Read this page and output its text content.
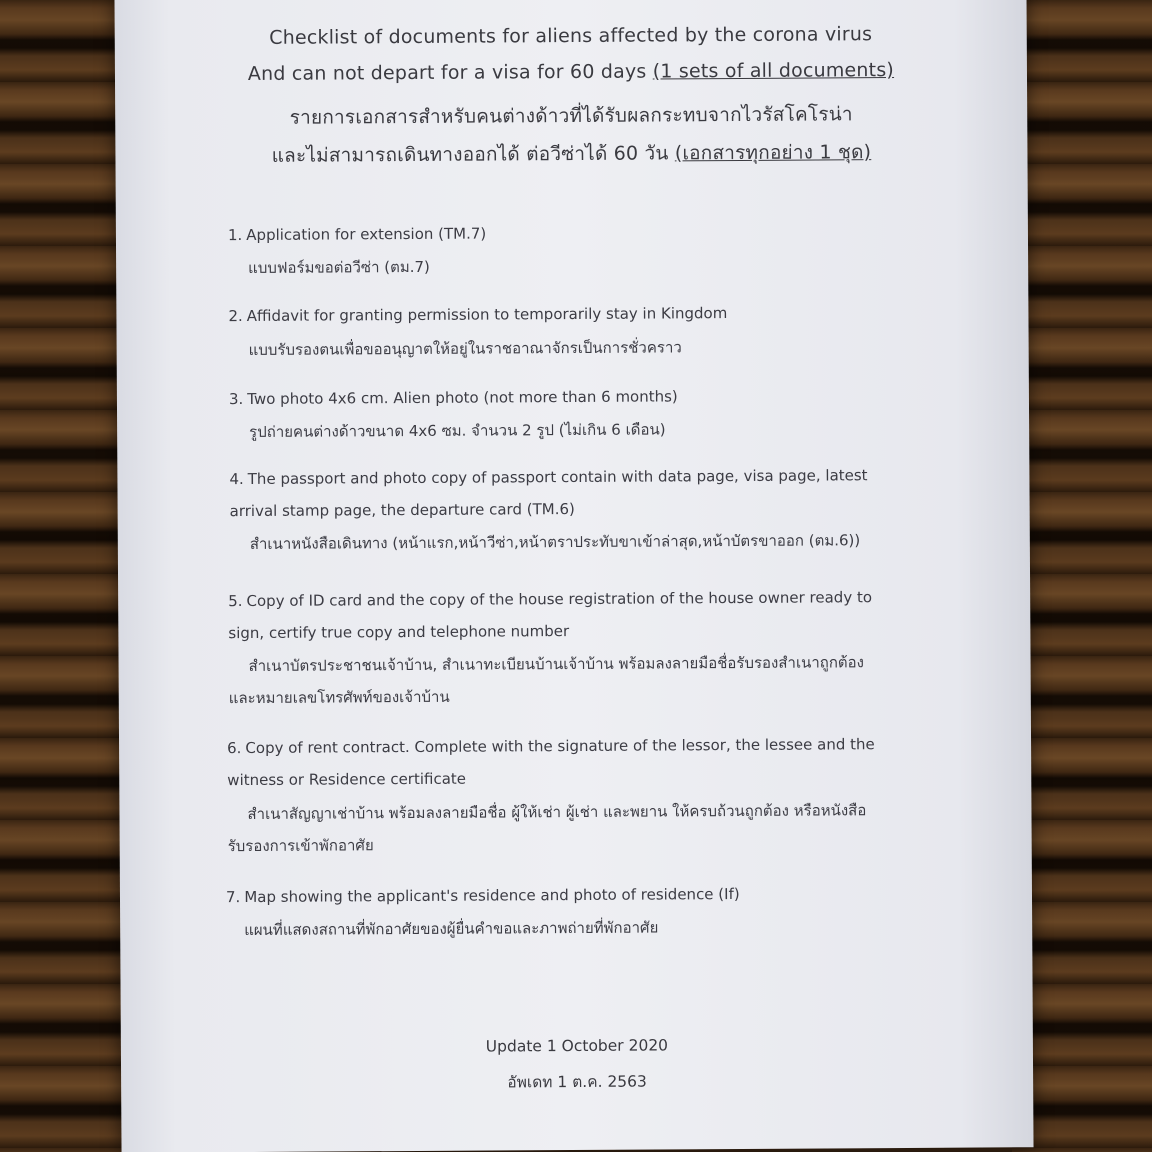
Checklist of documents for aliens affected by the corona virus
And can not depart for a visa for 60 days (1 sets of all documents)
รายการเอกสารสำหรับคนต่างด้าวที่ได้รับผลกระทบจากไวรัสโคโรน่า
และไม่สามารถเดินทางออกได้ ต่อวีซ่าได้ 60 วัน (เอกสารทุกอย่าง 1 ชุด)
1. Application for extension (TM.7)
แบบฟอร์มขอต่อวีซ่า (ตม.7)
2. Affidavit for granting permission to temporarily stay in Kingdom
แบบรับรองตนเพื่อขออนุญาตให้อยู่ในราชอาณาจักรเป็นการชั่วคราว
3. Two photo 4x6 cm. Alien photo (not more than 6 months)
รูปถ่ายคนต่างด้าวขนาด 4x6 ซม. จำนวน 2 รูป (ไม่เกิน 6 เดือน)
4. The passport and photo copy of passport contain with data page, visa page, latest
arrival stamp page, the departure card (TM.6)
สำเนาหนังสือเดินทาง (หน้าแรก,หน้าวีซ่า,หน้าตราประทับขาเข้าล่าสุด,หน้าบัตรขาออก (ตม.6))
5. Copy of ID card and the copy of the house registration of the house owner ready to
sign, certify true copy and telephone number
สำเนาบัตรประชาชนเจ้าบ้าน, สำเนาทะเบียนบ้านเจ้าบ้าน พร้อมลงลายมือชื่อรับรองสำเนาถูกต้อง
และหมายเลขโทรศัพท์ของเจ้าบ้าน
6. Copy of rent contract. Complete with the signature of the lessor, the lessee and the
witness or Residence certificate
สำเนาสัญญาเช่าบ้าน พร้อมลงลายมือชื่อ ผู้ให้เช่า ผู้เช่า และพยาน ให้ครบถ้วนถูกต้อง หรือหนังสือ
รับรองการเข้าพักอาศัย
7. Map showing the applicant's residence and photo of residence (If)
แผนที่แสดงสถานที่พักอาศัยของผู้ยื่นคำขอและภาพถ่ายที่พักอาศัย
Update 1 October 2020
อัพเดท 1 ต.ค. 2563
